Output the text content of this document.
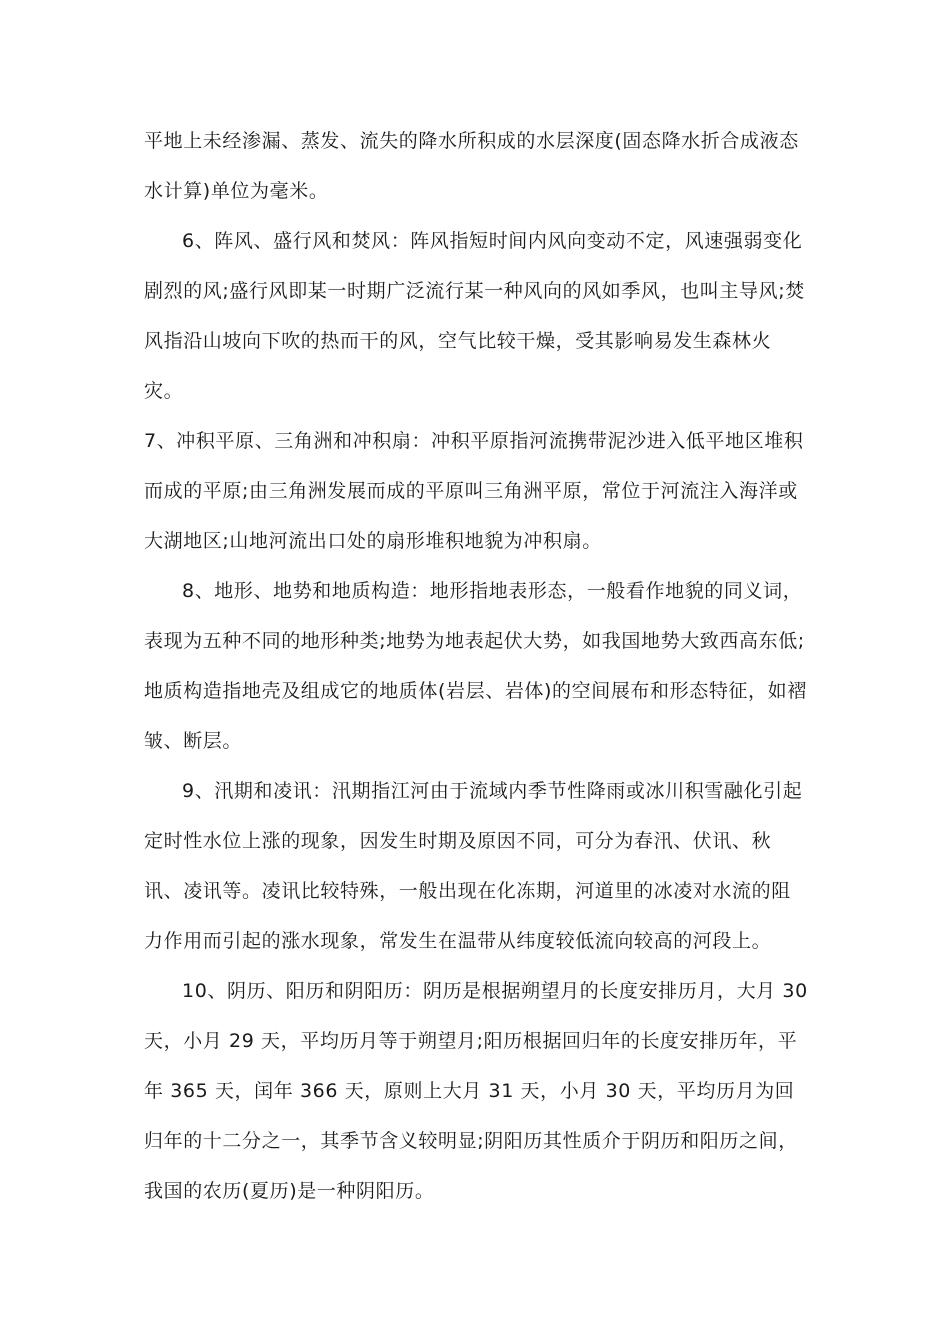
平地上未经渗漏、蒸发、流失的降水所积成的水层深度(固态降水折合成液态水计算)单位为毫米。

6、阵风、盛行风和焚风：阵风指短时间内风向变动不定，风速强弱变化剧烈的风;盛行风即某一时期广泛流行某一种风向的风如季风，也叫主导风;焚风指沿山坡向下吹的热而干的风，空气比较干燥，受其影响易发生森林火灾。

7、冲积平原、三角洲和冲积扇：冲积平原指河流携带泥沙进入低平地区堆积而成的平原;由三角洲发展而成的平原叫三角洲平原，常位于河流注入海洋或大湖地区;山地河流出口处的扇形堆积地貌为冲积扇。

8、地形、地势和地质构造：地形指地表形态，一般看作地貌的同义词，表现为五种不同的地形种类;地势为地表起伏大势，如我国地势大致西高东低;地质构造指地壳及组成它的地质体(岩层、岩体)的空间展布和形态特征，如褶皱、断层。

9、汛期和凌讯：汛期指江河由于流域内季节性降雨或冰川积雪融化引起定时性水位上涨的现象，因发生时期及原因不同，可分为春汛、伏讯、秋讯、凌讯等。凌讯比较特殊，一般出现在化冻期，河道里的冰凌对水流的阻力作用而引起的涨水现象，常发生在温带从纬度较低流向较高的河段上。

10、阴历、阳历和阴阳历：阴历是根据朔望月的长度安排历月，大月 30 天，小月 29 天，平均历月等于朔望月;阳历根据回归年的长度安排历年，平年 365 天，闰年 366 天，原则上大月 31 天，小月 30 天，平均历月为回归年的十二分之一，其季节含义较明显;阴阳历其性质介于阴历和阳历之间，我国的农历(夏历)是一种阴阳历。
